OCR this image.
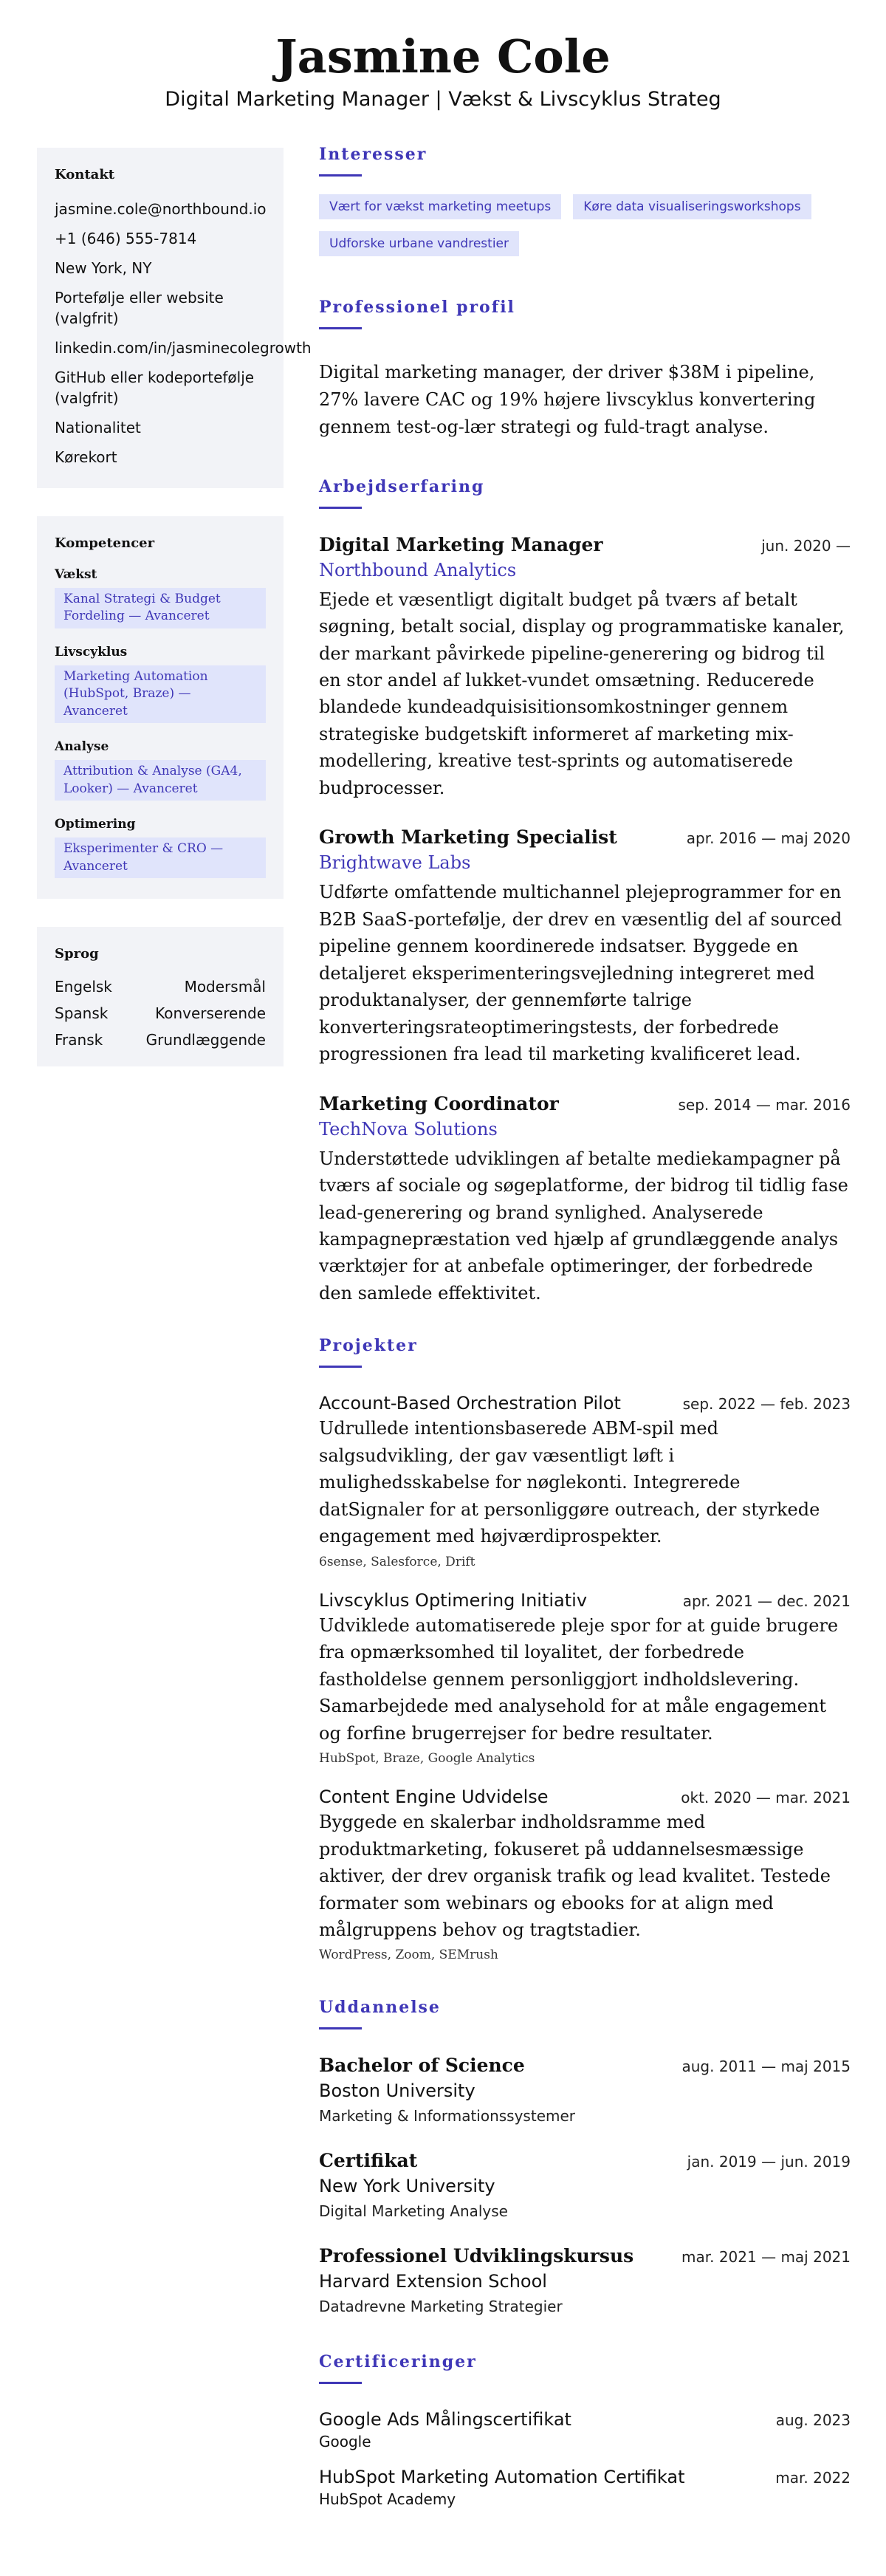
Jasmine Cole
Digital Marketing Manager | Vækst & Livscyklus Strateg
Kontakt
jasmine.cole@northbound.io
+1 (646) 555-7814
New York, NY
Portefølje eller website (valgfrit)
linkedin.com/in/jasminecolegrowth
GitHub eller kodeportefølje (valgfrit)
Nationalitet
Kørekort
Kompetencer
Vækst
Kanal Strategi & Budget Fordeling — Avanceret
Livscyklus
Marketing Automation (HubSpot, Braze) — Avanceret
Analyse
Attribution & Analyse (GA4, Looker) — Avanceret
Optimering
Eksperimenter & CRO — Avanceret
Sprog
Engelsk	Modersmål
Spansk	Konverserende
Fransk	Grundlæggende
Interesser
Vært for vækst marketing meetups	Køre data visualiseringsworkshops
Udforske urbane vandrestier
Professionel profil
Digital marketing manager, der driver $38M i pipeline, 27% lavere CAC og 19% højere livscyklus konvertering gennem test-og-lær strategi og fuld-tragt analyse.
Arbejdserfaring
Digital Marketing Manager	jun. 2020 —
Northbound Analytics
Ejede et væsentligt digitalt budget på tværs af betalt søgning, betalt social, display og programmatiske kanaler, der markant påvirkede pipeline-generering og bidrog til en stor andel af lukket-vundet omsætning. Reducerede blandede kundeadquisisitionsomkostninger gennem strategiske budgetskift informeret af marketing mix-modellering, kreative test-sprints og automatiserede budprocesser.
Growth Marketing Specialist	apr. 2016 — maj 2020
Brightwave Labs
Udførte omfattende multichannel plejeprogrammer for en B2B SaaS-portefølje, der drev en væsentlig del af sourced pipeline gennem koordinerede indsatser. Byggede en detaljeret eksperimenteringsvejledning integreret med produktanalyser, der gennemførte talrige konverteringsrateoptimeringstests, der forbedrede progressionen fra lead til marketing kvalificeret lead.
Marketing Coordinator	sep. 2014 — mar. 2016
TechNova Solutions
Understøttede udviklingen af betalte mediekampagner på tværs af sociale og søgeplatforme, der bidrog til tidlig fase lead-generering og brand synlighed. Analyserede kampagnepræstation ved hjælp af grundlæggende analys værktøjer for at anbefale optimeringer, der forbedrede den samlede effektivitet.
Projekter
Account-Based Orchestration Pilot	sep. 2022 — feb. 2023
Udrullede intentionsbaserede ABM-spil med salgsudvikling, der gav væsentligt løft i mulighedsskabelse for nøglekonti. Integrerede datSignaler for at personliggøre outreach, der styrkede engagement med højværdiprospekter.
6sense, Salesforce, Drift
Livscyklus Optimering Initiativ	apr. 2021 — dec. 2021
Udviklede automatiserede pleje spor for at guide brugere fra opmærksomhed til loyalitet, der forbedrede fastholdelse gennem personliggjort indholdslevering. Samarbejdede med analysehold for at måle engagement og forfine brugerrejser for bedre resultater.
HubSpot, Braze, Google Analytics
Content Engine Udvidelse	okt. 2020 — mar. 2021
Byggede en skalerbar indholdsramme med produktmarketing, fokuseret på uddannelsesmæssige aktiver, der drev organisk trafik og lead kvalitet. Testede formater som webinars og ebooks for at align med målgruppens behov og tragtstadier.
WordPress, Zoom, SEMrush
Uddannelse
Bachelor of Science	aug. 2011 — maj 2015
Boston University
Marketing & Informationssystemer
Certifikat	jan. 2019 — jun. 2019
New York University
Digital Marketing Analyse
Professionel Udviklingskursus	mar. 2021 — maj 2021
Harvard Extension School
Datadrevne Marketing Strategier
Certificeringer
Google Ads Målingscertifikat	aug. 2023
Google
HubSpot Marketing Automation Certifikat	mar. 2022
HubSpot Academy
